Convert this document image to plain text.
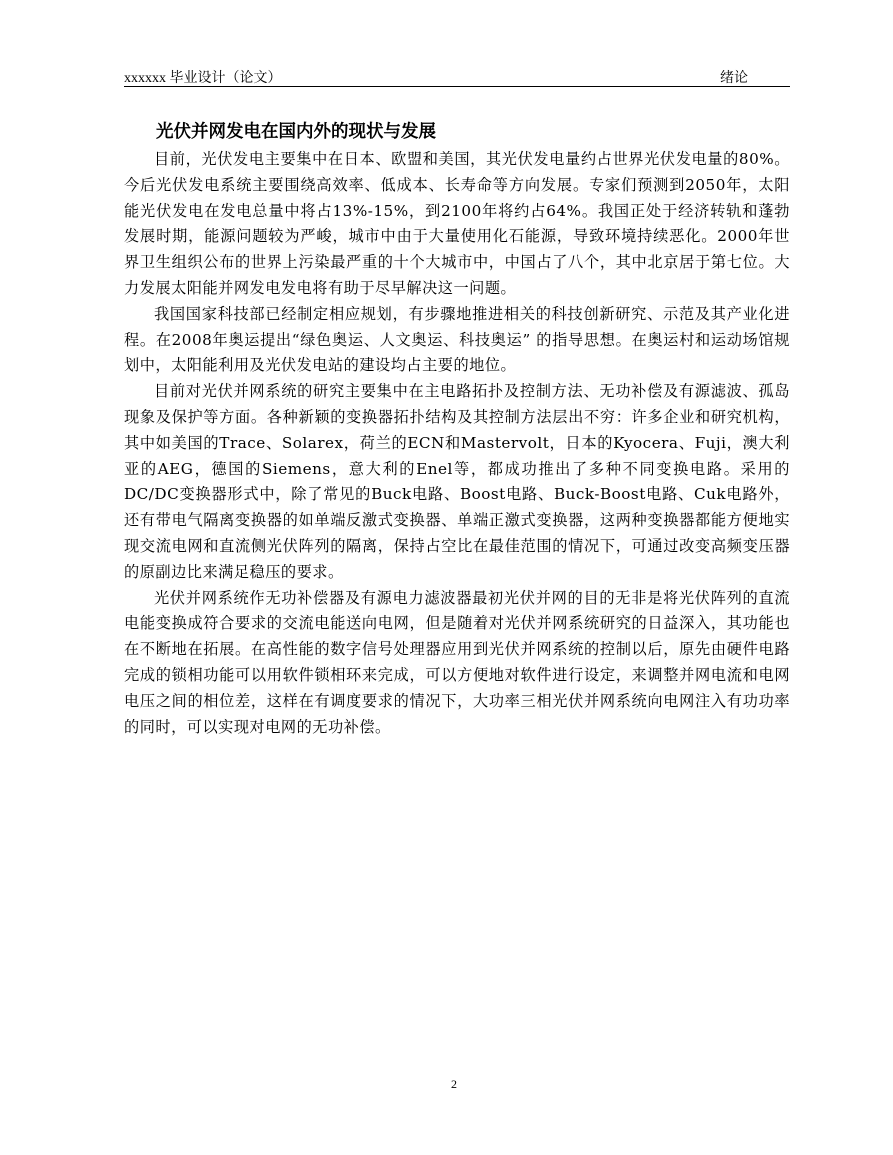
xxxxxx 毕业设计（论文）	绪论
光伏并网发电在国内外的现状与发展

目前，光伏发电主要集中在日本、欧盟和美国，其光伏发电量约占世界光伏发电量的80%。今后光伏发电系统主要围绕高效率、低成本、长寿命等方向发展。专家们预测到2050年，太阳能光伏发电在发电总量中将占13%-15%，到2100年将约占64%。我国正处于经济转轨和蓬勃发展时期，能源问题较为严峻，城市中由于大量使用化石能源，导致环境持续恶化。2000年世界卫生组织公布的世界上污染最严重的十个大城市中，中国占了八个，其中北京居于第七位。大力发展太阳能并网发电发电将有助于尽早解决这一问题。

我国国家科技部已经制定相应规划，有步骤地推进相关的科技创新研究、示范及其产业化进程。在2008年奥运提出“绿色奥运、人文奥运、科技奥运” 的指导思想。在奥运村和运动场馆规划中，太阳能利用及光伏发电站的建设均占主要的地位。

目前对光伏并网系统的研究主要集中在主电路拓扑及控制方法、无功补偿及有源滤波、孤岛现象及保护等方面。各种新颖的变换器拓扑结构及其控制方法层出不穷：许多企业和研究机构，其中如美国的Trace、Solarex，荷兰的ECN和Mastervolt，日本的Kyocera、Fuji，澳大利亚的AEG，德国的Siemens，意大利的Enel等，都成功推出了多种不同变换电路。采用的DC/DC变换器形式中，除了常见的Buck电路、Boost电路、Buck-Boost电路、Cuk电路外，还有带电气隔离变换器的如单端反激式变换器、单端正激式变换器，这两种变换器都能方便地实现交流电网和直流侧光伏阵列的隔离，保持占空比在最佳范围的情况下，可通过改变高频变压器的原副边比来满足稳压的要求。

光伏并网系统作无功补偿器及有源电力滤波器最初光伏并网的目的无非是将光伏阵列的直流电能变换成符合要求的交流电能送向电网，但是随着对光伏并网系统研究的日益深入，其功能也在不断地在拓展。在高性能的数字信号处理器应用到光伏并网系统的控制以后，原先由硬件电路完成的锁相功能可以用软件锁相环来完成，可以方便地对软件进行设定，来调整并网电流和电网电压之间的相位差，这样在有调度要求的情况下，大功率三相光伏并网系统向电网注入有功功率的同时，可以实现对电网的无功补偿。

2
